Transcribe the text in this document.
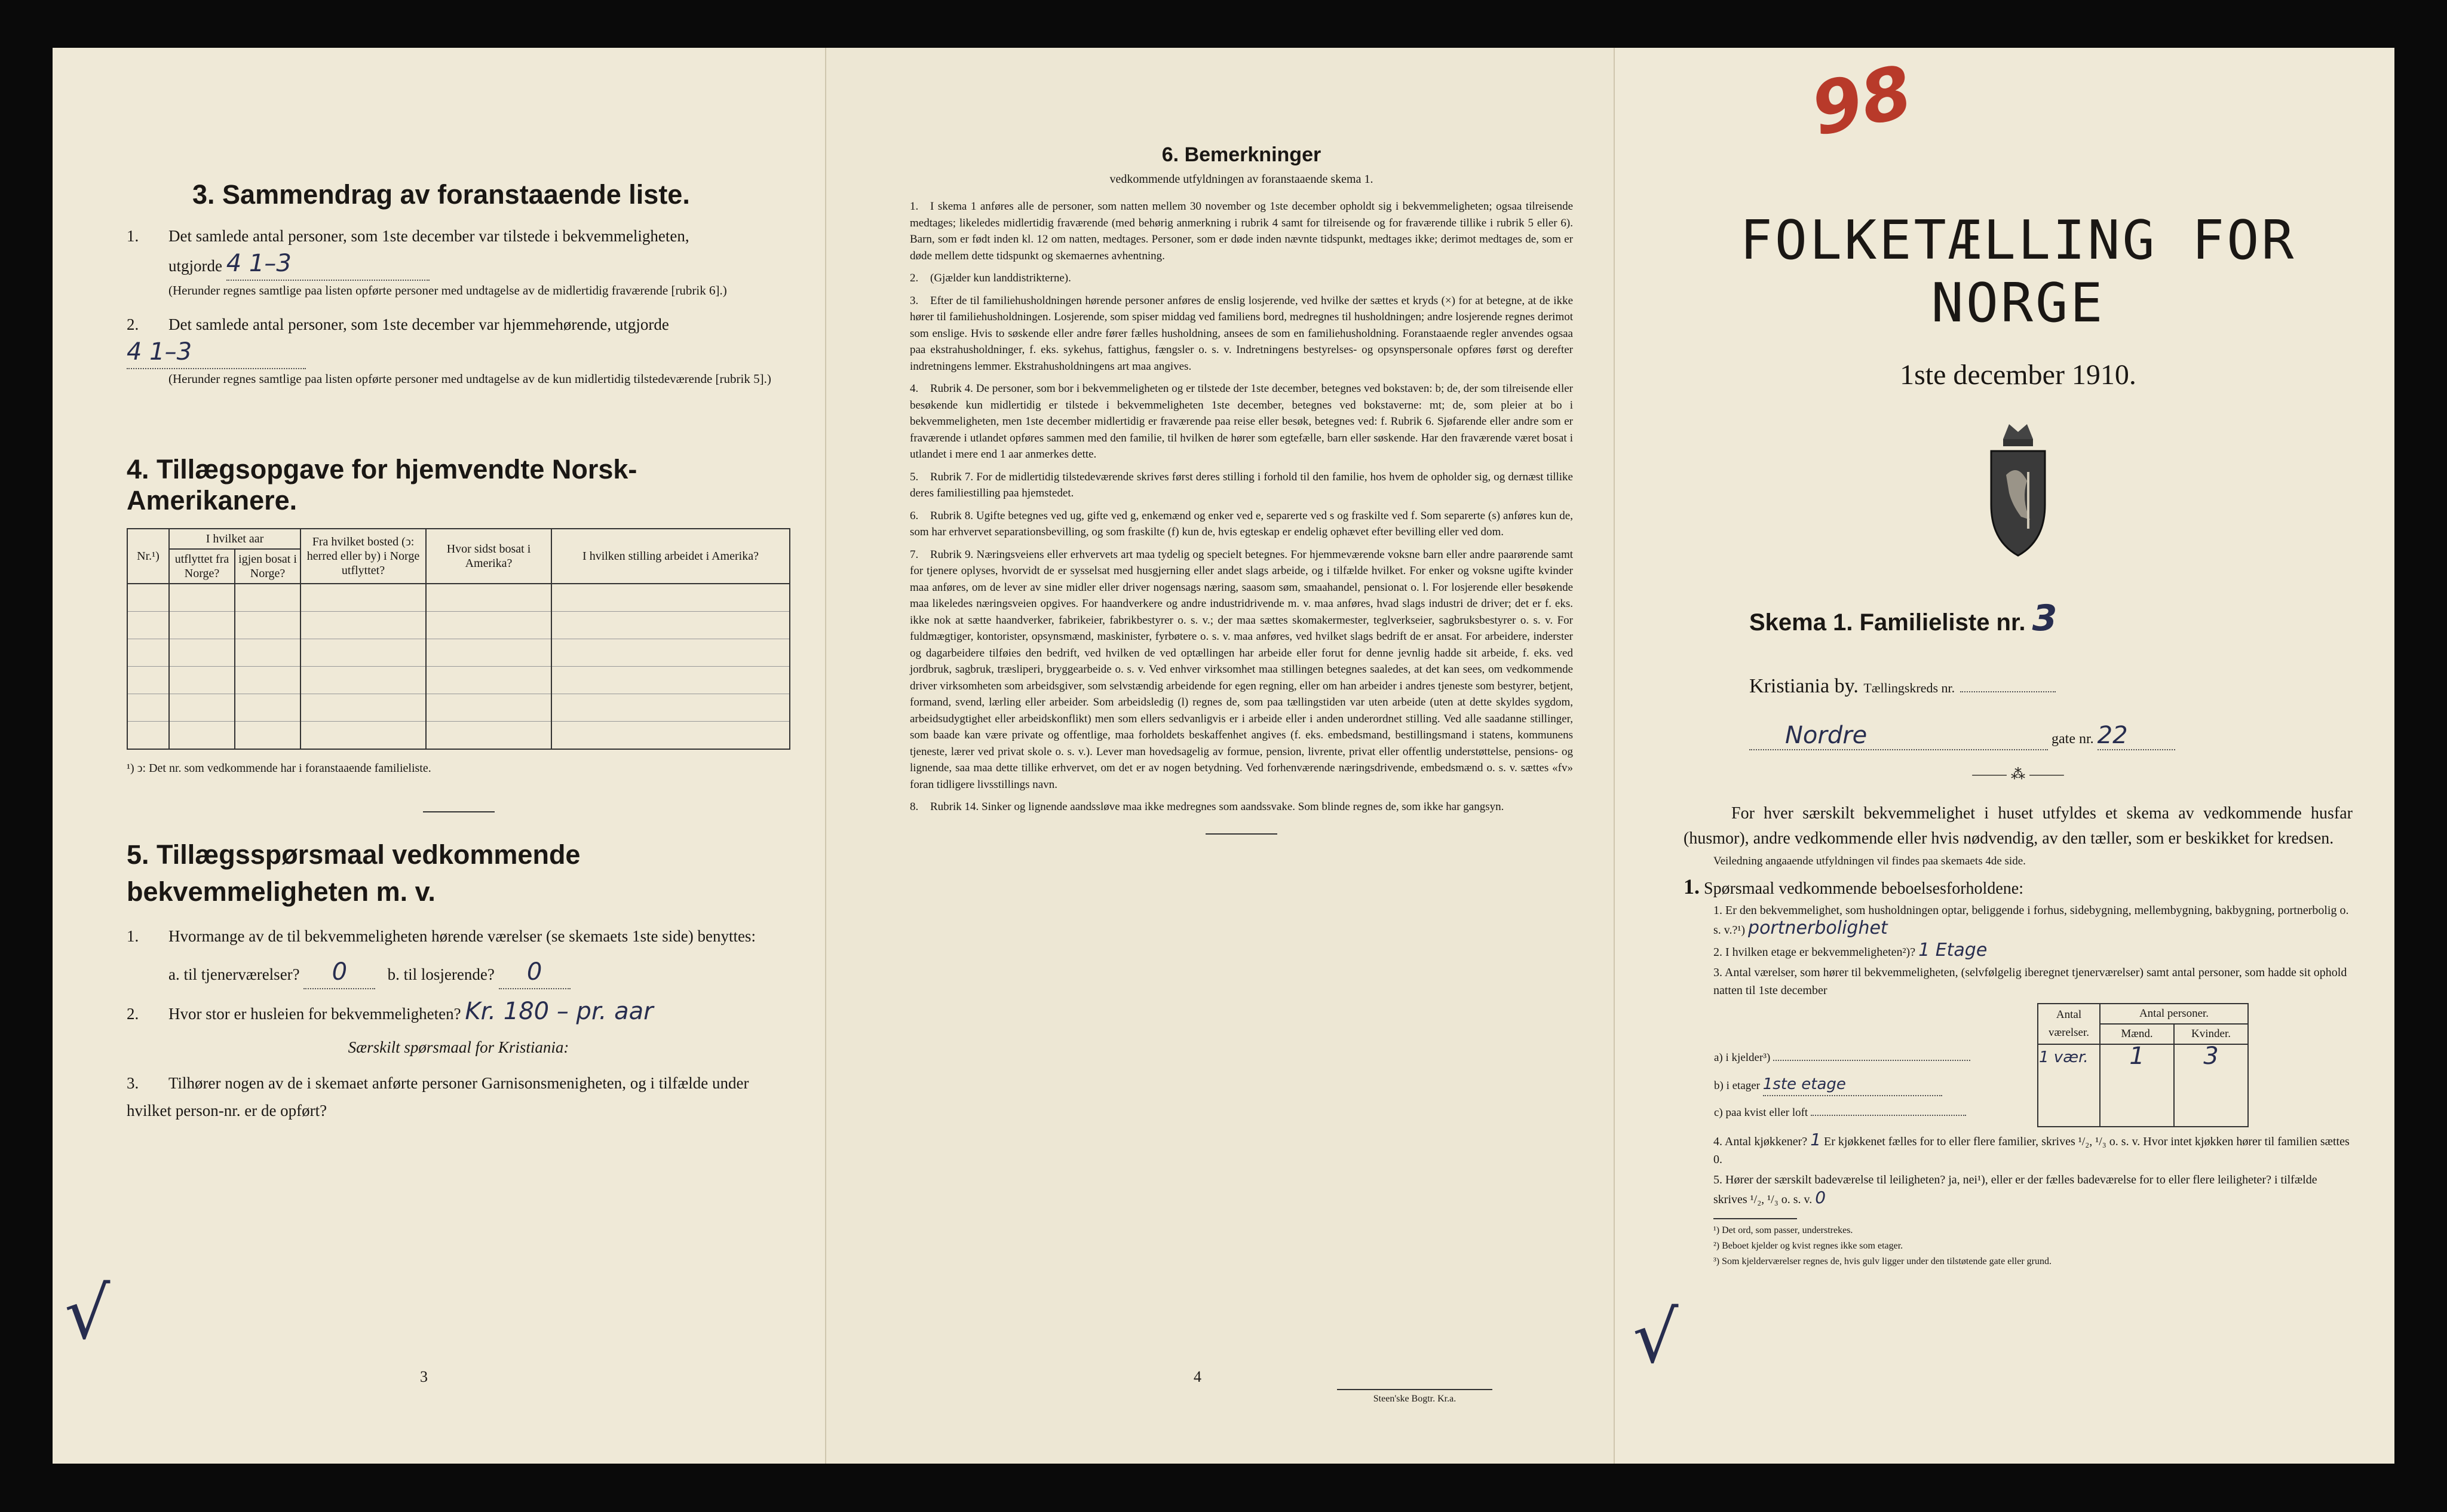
3. Sammendrag av foranstaaende liste.

1. Det samlede antal personer, som 1ste december var tilstede i bekvemmeligheten,

utgjorde 4 1–3

(Herunder regnes samtlige paa listen opførte personer med undtagelse av de midlertidig fraværende [rubrik 6].)

2. Det samlede antal personer, som 1ste december var hjemmehørende, utgjorde 4 1–3

(Herunder regnes samtlige paa listen opførte personer med undtagelse av de kun midlertidig tilstedeværende [rubrik 5].)

4. Tillægsopgave for hjemvendte Norsk-Amerikanere.
Nr.¹)	I hvilket aar		Fra hvilket bosted (ↄ: herred eller by) i Norge utflyttet?	Hvor sidst bosat i Amerika?	I hvilken stilling arbeidet i Amerika?
	utflyttet fra Norge?	igjen bosat i Norge?			

¹) ↄ: Det nr. som vedkommende har i foranstaaende familieliste.

5. Tillægsspørsmaal vedkommende bekvemmeligheten m. v.

1. Hvormange av de til bekvemmeligheten hørende værelser (se skemaets 1ste side) benyttes:

a. til tjenerværelser? 0	b. til losjerende? 0

2. Hvor stor er husleien for bekvemmeligheten? Kr. 180 – pr. aar

Særskilt spørsmaal for Kristiania:

3. Tilhører nogen av de i skemaet anførte personer Garnisonsmenigheten, og i tilfælde under hvilket person-nr. er de opført?

3
√
6. Bemerkninger

vedkommende utfyldningen av foranstaaende skema 1.

1. I skema 1 anføres alle de personer, som natten mellem 30 november og 1ste december opholdt sig i bekvemmeligheten; ogsaa tilreisende medtages; likeledes midlertidig fraværende (med behørig anmerkning i rubrik 4 samt for tilreisende og for fraværende tillike i rubrik 5 eller 6). Barn, som er født inden kl. 12 om natten, medtages. Personer, som er døde inden nævnte tidspunkt, medtages ikke; derimot medtages de, som er døde mellem dette tidspunkt og skemaernes avhentning.

2. (Gjælder kun landdistrikterne).

3. Efter de til familiehusholdningen hørende personer anføres de enslig losjerende, ved hvilke der sættes et kryds (×) for at betegne, at de ikke hører til familiehusholdningen. Losjerende, som spiser middag ved familiens bord, medregnes til husholdningen; andre losjerende regnes derimot som enslige. Hvis to søskende eller andre fører fælles husholdning, ansees de som en familiehusholdning. Foranstaaende regler anvendes ogsaa paa ekstrahusholdninger, f. eks. sykehus, fattighus, fængsler o. s. v. Indretningens bestyrelses- og opsynspersonale opføres først og derefter indretningens lemmer. Ekstrahusholdningens art maa angives.

4. Rubrik 4. De personer, som bor i bekvemmeligheten og er tilstede der 1ste december, betegnes ved bokstaven: b; de, der som tilreisende eller besøkende kun midlertidig er tilstede i bekvemmeligheten 1ste december, betegnes ved bokstaverne: mt; de, som pleier at bo i bekvemmeligheten, men 1ste december midlertidig er fraværende paa reise eller besøk, betegnes ved: f. Rubrik 6. Sjøfarende eller andre som er fraværende i utlandet opføres sammen med den familie, til hvilken de hører som egtefælle, barn eller søskende. Har den fraværende været bosat i utlandet i mere end 1 aar anmerkes dette.

5. Rubrik 7. For de midlertidig tilstedeværende skrives først deres stilling i forhold til den familie, hos hvem de opholder sig, og dernæst tillike deres familiestilling paa hjemstedet.

6. Rubrik 8. Ugifte betegnes ved ug, gifte ved g, enkemænd og enker ved e, separerte ved s og fraskilte ved f. Som separerte (s) anføres kun de, som har erhvervet separationsbevilling, og som fraskilte (f) kun de, hvis egteskap er endelig ophævet efter bevilling eller ved dom.

7. Rubrik 9. Næringsveiens eller erhvervets art maa tydelig og specielt betegnes. For hjemmeværende voksne barn eller andre paarørende samt for tjenere oplyses, hvorvidt de er sysselsat med husgjerning eller andet slags arbeide, og i tilfælde hvilket. For enker og voksne ugifte kvinder maa anføres, om de lever av sine midler eller driver nogensags næring, saasom søm, smaahandel, pensionat o. l. For losjerende eller besøkende maa likeledes næringsveien opgives. For haandverkere og andre industridrivende m. v. maa anføres, hvad slags industri de driver; det er f. eks. ikke nok at sætte haandverker, fabrikeier, fabrikbestyrer o. s. v.; der maa sættes skomakermester, teglverkseier, sagbruksbestyrer o. s. v. For fuldmægtiger, kontorister, opsynsmænd, maskinister, fyrbøtere o. s. v. maa anføres, ved hvilket slags bedrift de er ansat. For arbeidere, inderster og dagarbeidere tilføies den bedrift, ved hvilken de ved optællingen har arbeide eller forut for denne jevnlig hadde sit arbeide, f. eks. ved jordbruk, sagbruk, træsliperi, bryggearbeide o. s. v. Ved enhver virksomhet maa stillingen betegnes saaledes, at det kan sees, om vedkommende driver virksomheten som arbeidsgiver, som selvstændig arbeidende for egen regning, eller om han arbeider i andres tjeneste som bestyrer, betjent, formand, svend, lærling eller arbeider. Som arbeidsledig (l) regnes de, som paa tællingstiden var uten arbeide (uten at dette skyldes sygdom, arbeidsudygtighet eller arbeidskonflikt) men som ellers sedvanligvis er i arbeide eller i anden underordnet stilling. Ved alle saadanne stillinger, som baade kan være private og offentlige, maa forholdets beskaffenhet angives (f. eks. embedsmand, bestillingsmand i statens, kommunens tjeneste, lærer ved privat skole o. s. v.). Lever man hovedsagelig av formue, pension, livrente, privat eller offentlig understøttelse, pensions- og lignende, saa maa dette tillike erhvervet, om det er av nogen betydning. Ved forhenværende næringsdrivende, embedsmænd o. s. v. sættes «fv» foran tidligere livsstillings navn.

8. Rubrik 14. Sinker og lignende aandssløve maa ikke medregnes som aandssvake. Som blinde regnes de, som ikke har gangsyn.

4
Steen'ske Bogtr. Kr.a.
98

FOLKETÆLLING FOR NORGE

1ste december 1910.

Skema 1. Familieliste nr. 3

Kristiania by. Tællingskreds nr.

Nordre	gate nr. 22

⸻ ⁂ ⸻

For hver særskilt bekvemmelighet i huset utfyldes et skema av vedkommende husfar (husmor), andre vedkommende eller hvis nødvendig, av den tæller, som er beskikket for kredsen.

Veiledning angaaende utfyldningen vil findes paa skemaets 4de side.

1. Spørsmaal vedkommende beboelsesforholdene:

1. Er den bekvemmelighet, som husholdningen optar, beliggende i forhus, sidebygning, mellembygning, bakbygning, portnerbolig o. s. v.?¹) portnerbolighet

2. I hvilken etage er bekvemmeligheten²)? 1 Etage

3. Antal værelser, som hører til bekvemmeligheten, (selvfølgelig iberegnet tjenerværelser) samt antal personer, som hadde sit ophold natten til 1ste december

	Antal værelser.	Antal personer.	
		Mænd.	Kvinder.
a) i kjelder³)	1 vær.	1	3
b) i etager 1ste etage			
c) paa kvist eller loft			

4. Antal kjøkkener? 1 Er kjøkkenet fælles for to eller flere familier, skrives ¹/₂, ¹/₃ o. s. v. Hvor intet kjøkken hører til familien sættes 0.

5. Hører der særskilt badeværelse til leiligheten? ja, nei¹), eller er der fælles badeværelse for to eller flere leiligheter? i tilfælde skrives ¹/₂, ¹/₃ o. s. v. 0

¹) Det ord, som passer, understrekes.
²) Beboet kjelder og kvist regnes ikke som etager.
³) Som kjelderværelser regnes de, hvis gulv ligger under den tilstøtende gate eller grund.
√
